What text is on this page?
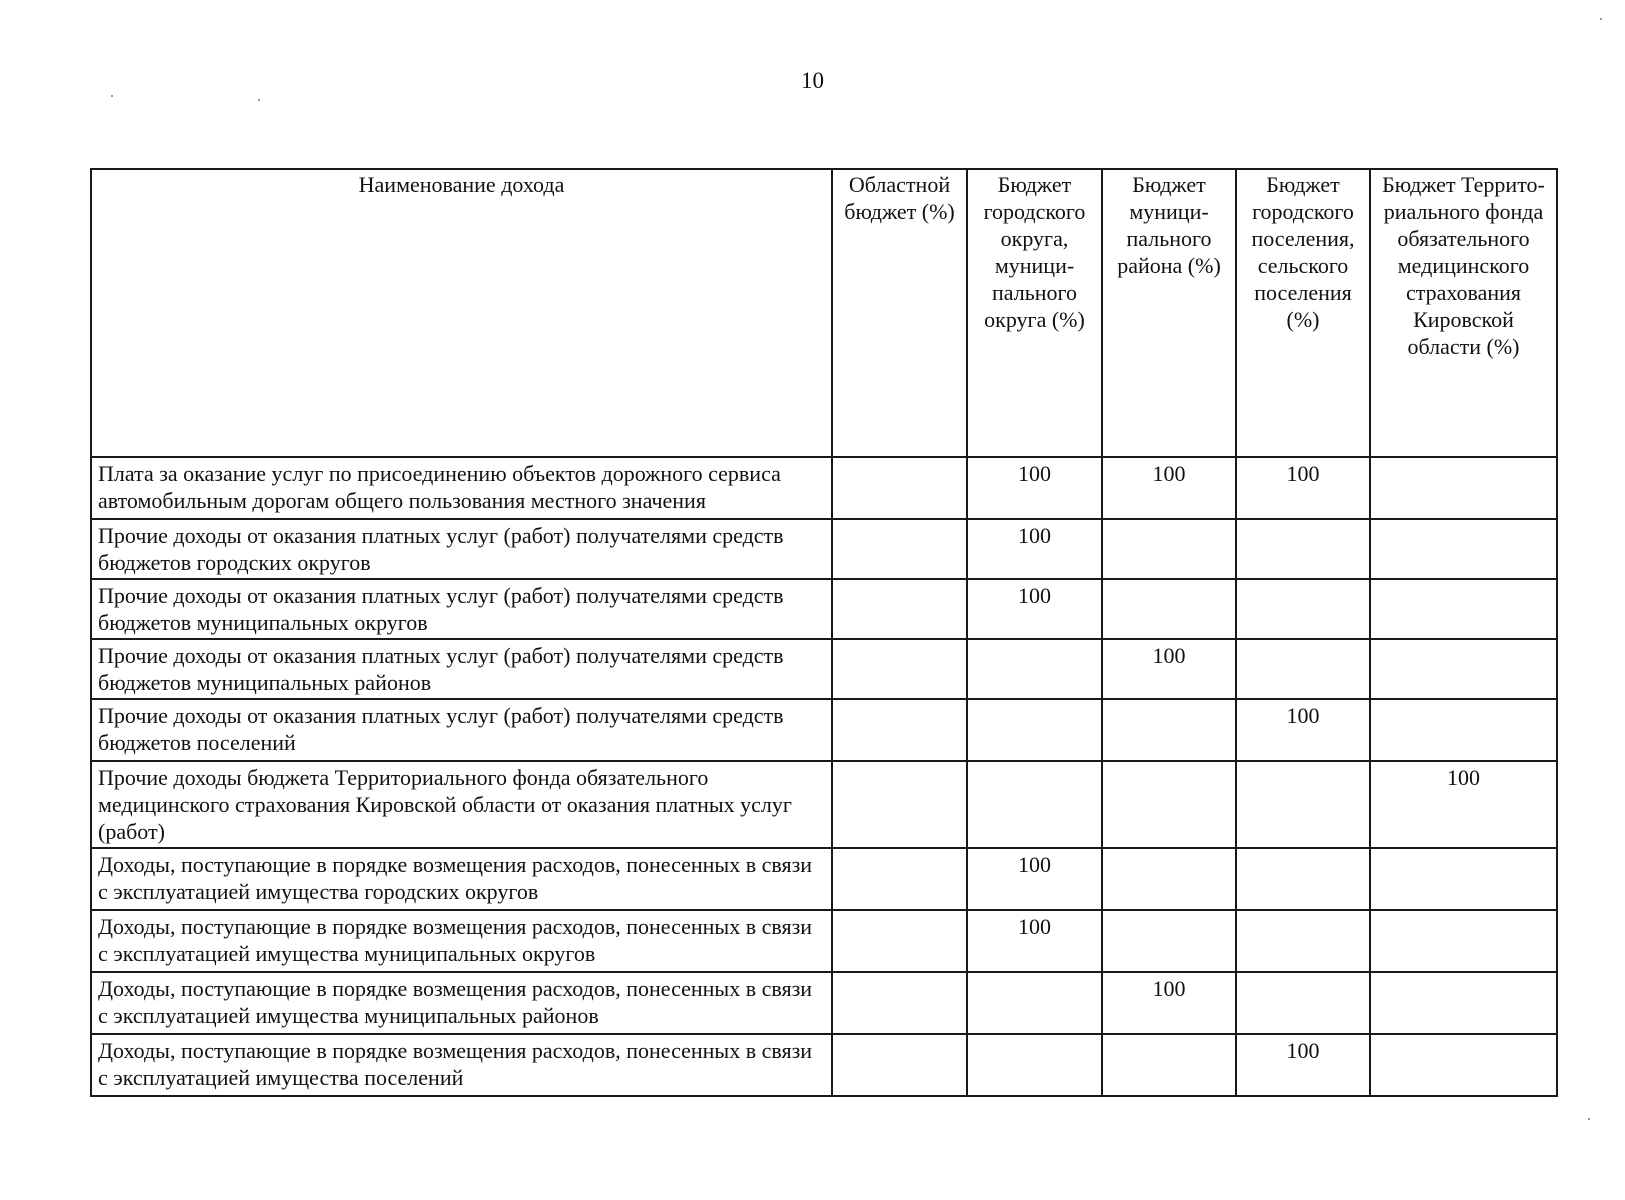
10
Наименование дохода	Областной бюджет (%)	Бюджет городского округа, муници-пального округа (%)	Бюджет муници-пального района (%)	Бюджет городского поселения, сельского поселения (%)	Бюджет Террито-риального фонда обязательного медицинского страхования Кировской области (%)
Плата за оказание услуг по присоединению объектов дорожного сервиса автомобильным дорогам общего пользования местного значения		100	100	100	
Прочие доходы от оказания платных услуг (работ) получателями средств бюджетов городских округов		100			
Прочие доходы от оказания платных услуг (работ) получателями средств бюджетов муниципальных округов		100			
Прочие доходы от оказания платных услуг (работ) получателями средств бюджетов муниципальных районов			100		
Прочие доходы от оказания платных услуг (работ) получателями средств бюджетов поселений				100	
Прочие доходы бюджета Территориального фонда обязательного медицинского страхования Кировской области от оказания платных услуг (работ)					100
Доходы, поступающие в порядке возмещения расходов, понесенных в связи с эксплуатацией имущества городских округов		100			
Доходы, поступающие в порядке возмещения расходов, понесенных в связи с эксплуатацией имущества муниципальных округов		100			
Доходы, поступающие в порядке возмещения расходов, понесенных в связи с эксплуатацией имущества муниципальных районов			100		
Доходы, поступающие в порядке возмещения расходов, понесенных в связи с эксплуатацией имущества поселений				100	
